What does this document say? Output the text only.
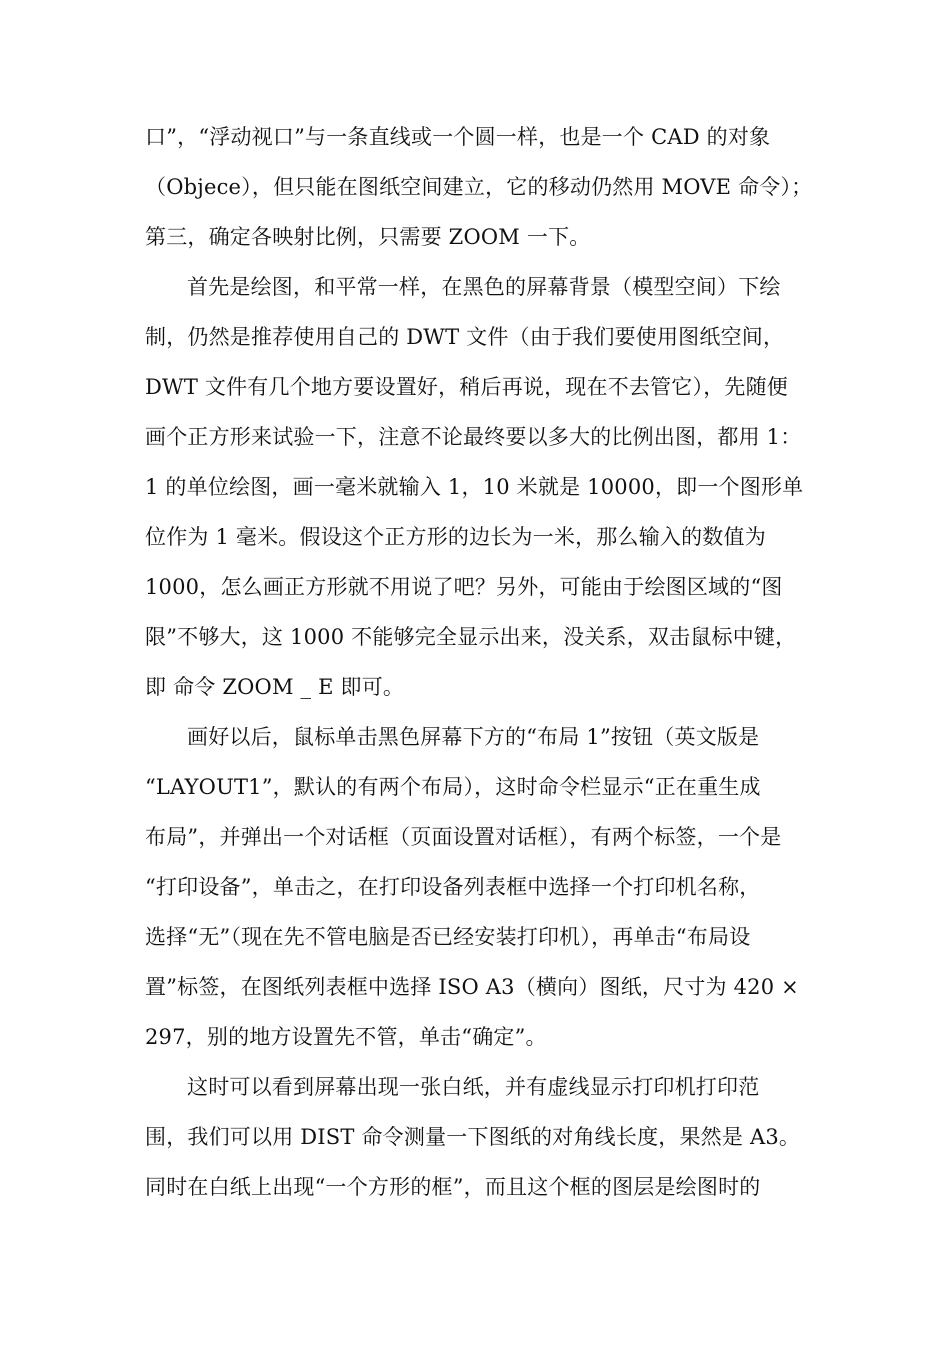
口”，“浮动视口”与一条直线或一个圆一样，也是一个 CAD 的对象
（Objece），但只能在图纸空间建立，它的移动仍然用 MOVE 命令）；
第三，确定各映射比例，只需要 ZOOM 一下。
首先是绘图，和平常一样，在黑色的屏幕背景（模型空间）下绘
制，仍然是推荐使用自己的 DWT 文件（由于我们要使用图纸空间，
DWT 文件有几个地方要设置好，稍后再说，现在不去管它），先随便
画个正方形来试验一下，注意不论最终要以多大的比例出图，都用 1：
1 的单位绘图，画一毫米就输入 1，10 米就是 10000，即一个图形单
位作为 1 毫米。假设这个正方形的边长为一米，那么输入的数值为
1000，怎么画正方形就不用说了吧？另外，可能由于绘图区域的“图
限”不够大，这 1000 不能够完全显示出来，没关系，双击鼠标中键，
即 命令 ZOOM _ E 即可。
画好以后，鼠标单击黑色屏幕下方的“布局 1”按钮（英文版是
“LAYOUT1”，默认的有两个布局），这时命令栏显示“正在重生成
布局”，并弹出一个对话框（页面设置对话框），有两个标签，一个是
“打印设备”，单击之，在打印设备列表框中选择一个打印机名称，
选择“无”（现在先不管电脑是否已经安装打印机），再单击“布局设
置”标签，在图纸列表框中选择 ISO A3（横向）图纸，尺寸为 420 ×
297，别的地方设置先不管，单击“确定”。
这时可以看到屏幕出现一张白纸，并有虚线显示打印机打印范
围，我们可以用 DIST 命令测量一下图纸的对角线长度，果然是 A3。
同时在白纸上出现“一个方形的框”，而且这个框的图层是绘图时的
